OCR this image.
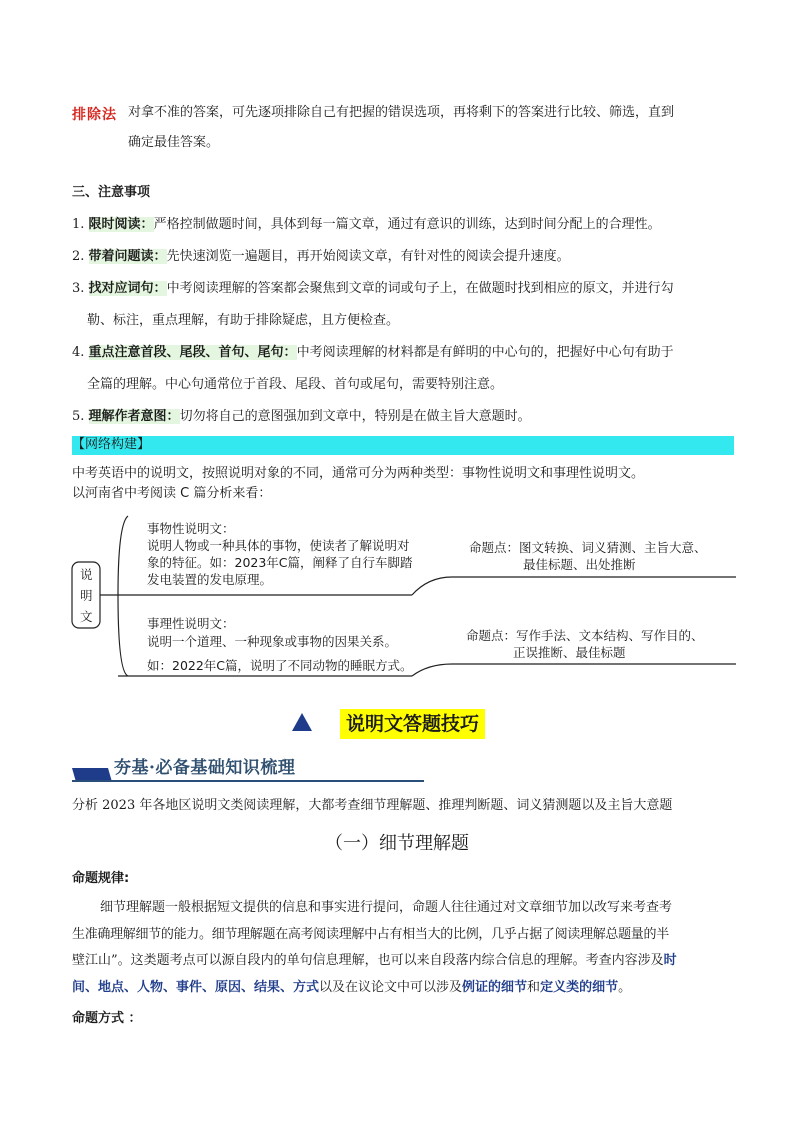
排除法 对拿不准的答案，可先逐项排除自己有把握的错误选项，再将剩下的答案进行比较、筛选，直到
确定最佳答案。
三、注意事项
1. 限时阅读：严格控制做题时间，具体到每一篇文章，通过有意识的训练，达到时间分配上的合理性。
2. 带着问题读：先快速浏览一遍题目，再开始阅读文章，有针对性的阅读会提升速度。
3. 找对应词句：中考阅读理解的答案都会聚焦到文章的词或句子上，在做题时找到相应的原文，并进行勾
勒、标注，重点理解，有助于排除疑虑，且方便检查。
4. 重点注意首段、尾段、首句、尾句：中考阅读理解的材料都是有鲜明的中心句的，把握好中心句有助于
全篇的理解。中心句通常位于首段、尾段、首句或尾句，需要特别注意。
5. 理解作者意图：切勿将自己的意图强加到文章中，特别是在做主旨大意题时。
【网络构建】
中考英语中的说明文，按照说明对象的不同，通常可分为两种类型：事物性说明文和事理性说明文。
以河南省中考阅读 C 篇分析来看：
说
明
文
事物性说明文：
说明人物或一种具体的事物，使读者了解说明对
象的特征。如：2023年C篇，阐释了自行车脚踏
发电装置的发电原理。
命题点：图文转换、词义猜测、主旨大意、
最佳标题、出处推断
事理性说明文：
说明一个道理、一种现象或事物的因果关系。
如：2022年C篇，说明了不同动物的睡眠方式。
命题点：写作手法、文本结构、写作目的、
正误推断、最佳标题
说明文答题技巧
夯基·必备基础知识梳理
分析 2023 年各地区说明文类阅读理解，大都考查细节理解题、推理判断题、词义猜测题以及主旨大意题
（一）细节理解题
命题规律:
细节理解题一般根据短文提供的信息和事实进行提问，命题人往往通过对文章细节加以改写来考查考
生准确理解细节的能力。细节理解题在高考阅读理解中占有相当大的比例，几乎占据了阅读理解总题量的半
壁江山”。这类题考点可以源自段内的单句信息理解，也可以来自段落内综合信息的理解。考查内容涉及时
间、地点、人物、事件、原因、结果、方式以及在议论文中可以涉及例证的细节和定义类的细节。
命题方式 ：
